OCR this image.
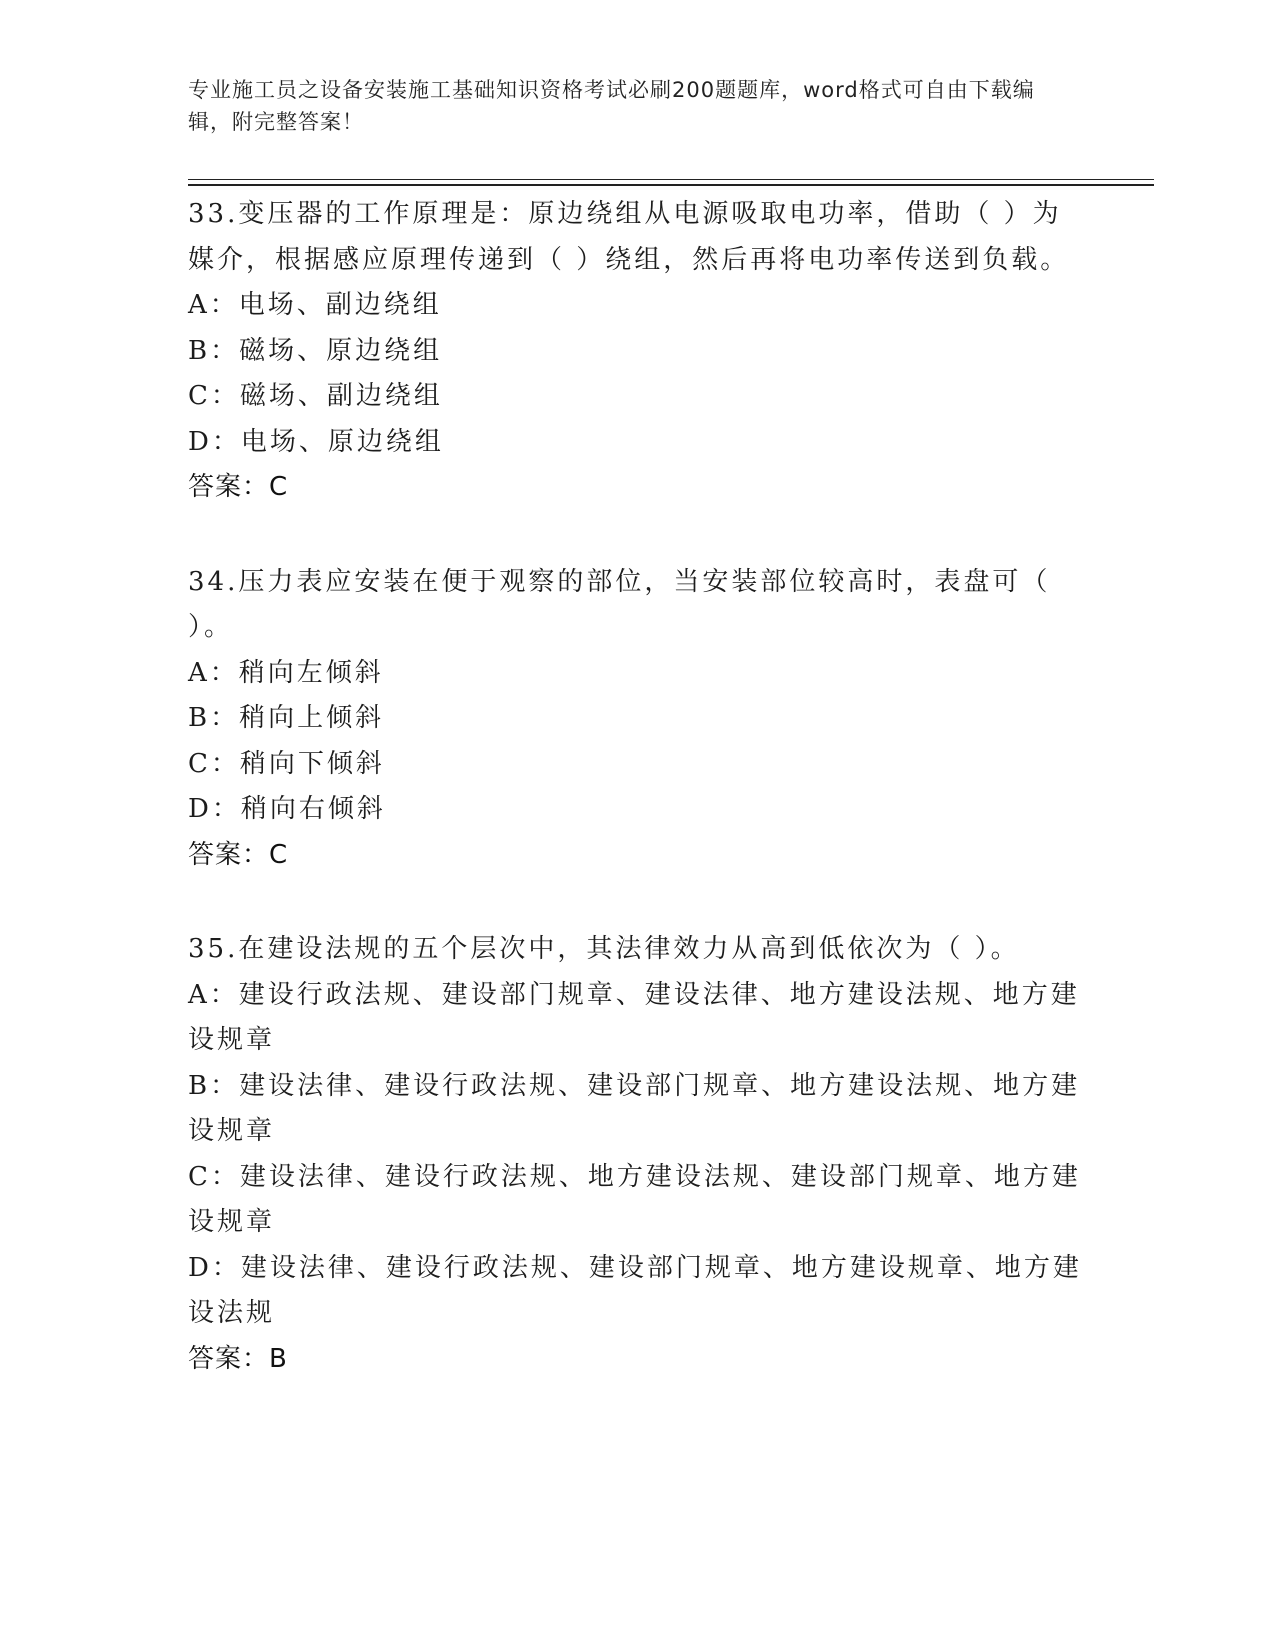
专业施工员之设备安装施工基础知识资格考试必刷200题题库，word格式可自由下载编辑，附完整答案！
33.变压器的工作原理是：原边绕组从电源吸取电功率，借助（ ）为
媒介，根据感应原理传递到（ ）绕组，然后再将电功率传送到负载。
A：电场、副边绕组
B：磁场、原边绕组
C：磁场、副边绕组
D：电场、原边绕组
答案：C
34.压力表应安装在便于观察的部位，当安装部位较高时，表盘可（
）。
A：稍向左倾斜
B：稍向上倾斜
C：稍向下倾斜
D：稍向右倾斜
答案：C
35.在建设法规的五个层次中，其法律效力从高到低依次为（ ）。
A：建设行政法规、建设部门规章、建设法律、地方建设法规、地方建
设规章
B：建设法律、建设行政法规、建设部门规章、地方建设法规、地方建
设规章
C：建设法律、建设行政法规、地方建设法规、建设部门规章、地方建
设规章
D：建设法律、建设行政法规、建设部门规章、地方建设规章、地方建
设法规
答案：B
